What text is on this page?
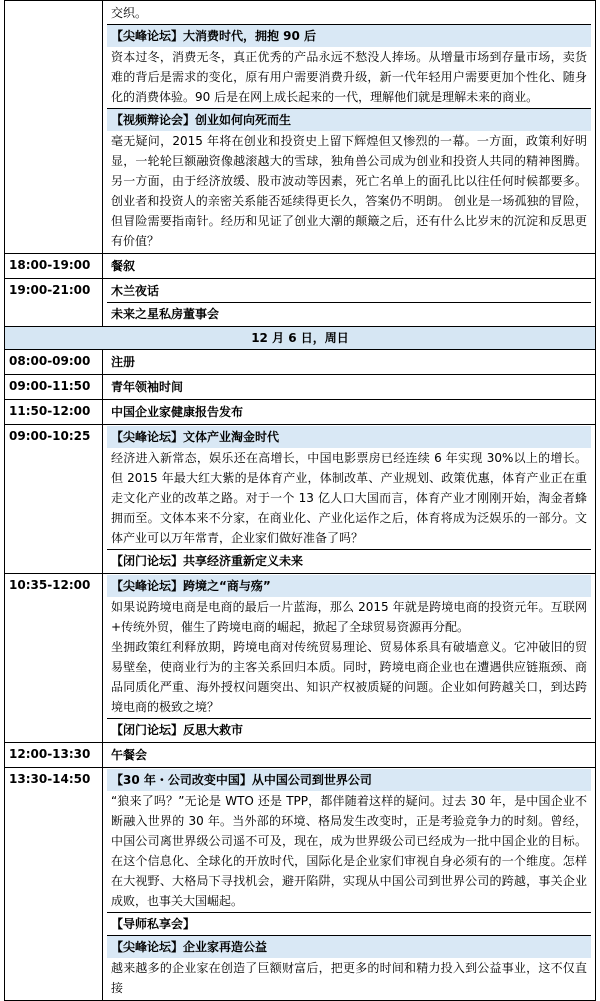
	交织。
【尖峰论坛】大消费时代，拥抱 90 后
资本过冬，消费无冬，真正优秀的产品永远不愁没人捧场。从增量市场到存量市场，卖货难的背后是需求的变化，原有用户需要消费升级，新一代年轻用户需要更加个性化、随身化的消费体验。90 后是在网上成长起来的一代，理解他们就是理解未来的商业。
【视频辩论会】创业如何向死而生
毫无疑问，2015 年将在创业和投资史上留下辉煌但又惨烈的一幕。一方面，政策利好明显，一轮轮巨额融资像越滚越大的雪球，独角兽公司成为创业和投资人共同的精神图腾。另一方面，由于经济放缓、股市波动等因素，死亡名单上的面孔比以往任何时候都要多。创业者和投资人的亲密关系能否延续得更长久，答案仍不明朗。 创业是一场孤独的冒险，但冒险需要指南针。经历和见证了创业大潮的颠簸之后，还有什么比岁末的沉淀和反思更有价值？

18:00-19:00	餐叙

19:00-21:00	木兰夜话
未来之星私房董事会

12 月 6 日，周日	
08:00-09:00	注册

09:00-11:50	青年领袖时间

11:50-12:00	中国企业家健康报告发布

09:00-10:25	【尖峰论坛】文体产业淘金时代
经济进入新常态，娱乐还在高增长，中国电影票房已经连续 6 年实现 30%以上的增长。但 2015 年最大红大紫的是体育产业，体制改革、产业规划、政策优惠，体育产业正在重走文化产业的改革之路。对于一个 13 亿人口大国而言，体育产业才刚刚开始，淘金者蜂拥而至。文体本来不分家，在商业化、产业化运作之后，体育将成为泛娱乐的一部分。文体产业可以万年常青，企业家们做好准备了吗？
【闭门论坛】共享经济重新定义未来

10:35-12:00	【尖峰论坛】跨境之“商与殇”
如果说跨境电商是电商的最后一片蓝海，那么 2015 年就是跨境电商的投资元年。互联网+传统外贸，催生了跨境电商的崛起，掀起了全球贸易资源再分配。
坐拥政策红利释放期，跨境电商对传统贸易理论、贸易体系具有破墙意义。它冲破旧的贸易壁垒，使商业行为的主客关系回归本质。同时，跨境电商企业也在遭遇供应链瓶颈、商品同质化严重、海外授权问题突出、知识产权被质疑的问题。企业如何跨越关口，到达跨境电商的极致之境？
【闭门论坛】反思大救市

12:00-13:30	午餐会

13:30-14:50	【30 年・公司改变中国】从中国公司到世界公司
“狼来了吗？”无论是 WTO 还是 TPP，都伴随着这样的疑问。过去 30 年，是中国企业不断融入世界的 30 年。当外部的环境、格局发生改变时，正是考验竞争力的时刻。曾经，中国公司离世界级公司遥不可及，现在，成为世界级公司已经成为一批中国企业的目标。在这个信息化、全球化的开放时代，国际化是企业家们审视自身必须有的一个维度。怎样在大视野、大格局下寻找机会，避开陷阱，实现从中国公司到世界公司的跨越，事关企业成败，也事关大国崛起。
【导师私享会】
【尖峰论坛】企业家再造公益
越来越多的企业家在创造了巨额财富后，把更多的时间和精力投入到公益事业，这不仅直接
